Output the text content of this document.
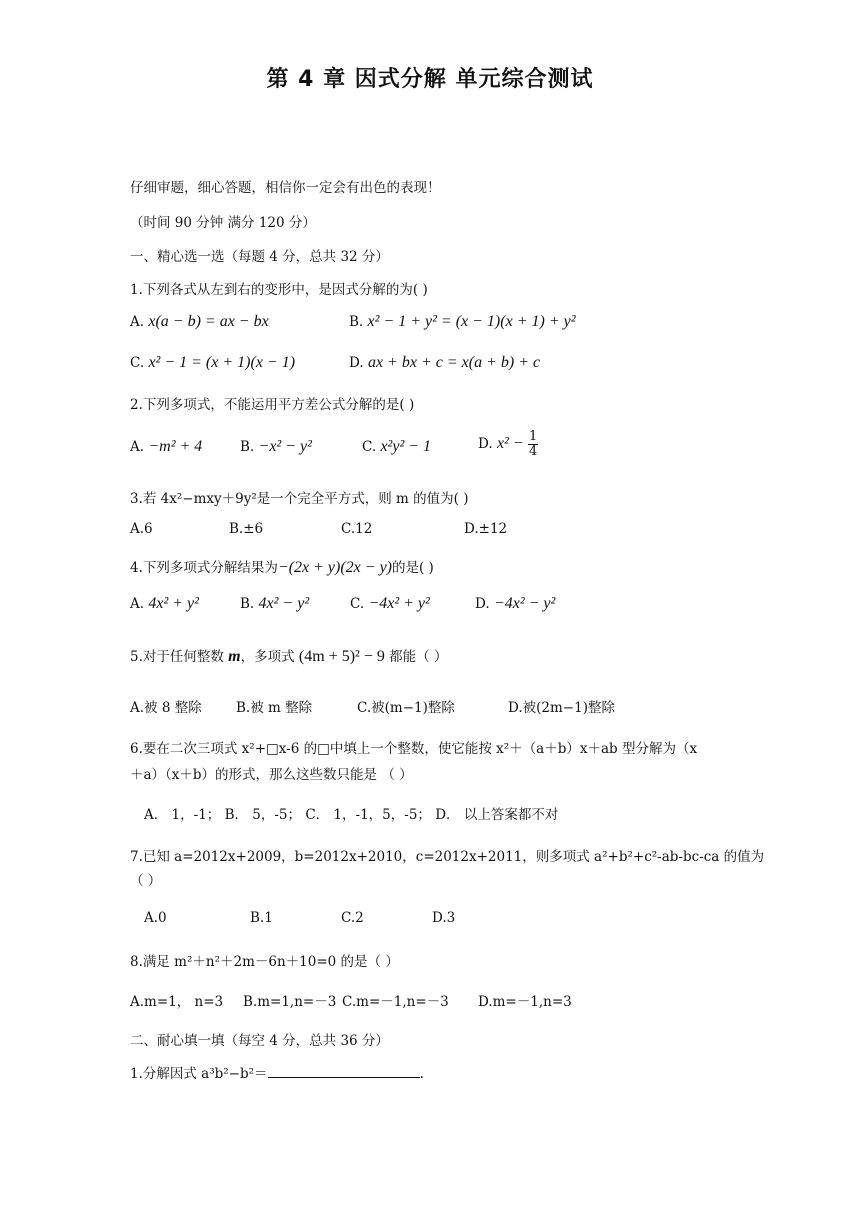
第 4 章 因式分解 单元综合测试
仔细审题，细心答题，相信你一定会有出色的表现！
（时间 90 分钟 满分 120 分）
一、精心选一选（每题 4 分，总共 32 分）
1.下列各式从左到右的变形中，是因式分解的为( )
A. x(a − b) = ax − bx	B. x² − 1 + y² = (x − 1)(x + 1) + y²
C. x² − 1 = (x + 1)(x − 1)	D. ax + bx + c = x(a + b) + c
2.下列多项式，不能运用平方差公式分解的是( )
A. −m² + 4	B. −x² − y²	C. x²y² − 1	D. $x^2 - \frac{1}{4}$
3.若 4x²−mxy＋9y²是一个完全平方式，则 m 的值为( )
A.6	B.±6	C.12	D.±12
4.下列多项式分解结果为−(2x + y)(2x − y)的是( )
A. 4x² + y²	B. 4x² − y²	C. −4x² + y²	D. −4x² − y²
5.对于任何整数 m，多项式 (4m + 5)² − 9 都能（ ）
A.被 8 整除	B.被 m 整除	C.被(m−1)整除	D.被(2m−1)整除
6.要在二次三项式 x²+□x-6 的□中填上一个整数，使它能按 x²＋（a＋b）x＋ab 型分解为（x
＋a）（x＋b）的形式，那么这些数只能是 （ ）
A． 1，-1； B． 5，-5； C． 1，-1，5，-5； D． 以上答案都不对
7.已知 a=2012x+2009，b=2012x+2010，c=2012x+2011，则多项式 a²+b²+c²-ab-bc-ca 的值为
（ ）
A.0	B.1	C.2	D.3
8.满足 m²＋n²＋2m－6n＋10=0 的是（ ）
A.m=1， n=3 B.m=1,n=－3 C.m=－1,n=－3 D.m=－1,n=3
二、耐心填一填（每空 4 分，总共 36 分）
1.分解因式 a³b²−b²＝	.
